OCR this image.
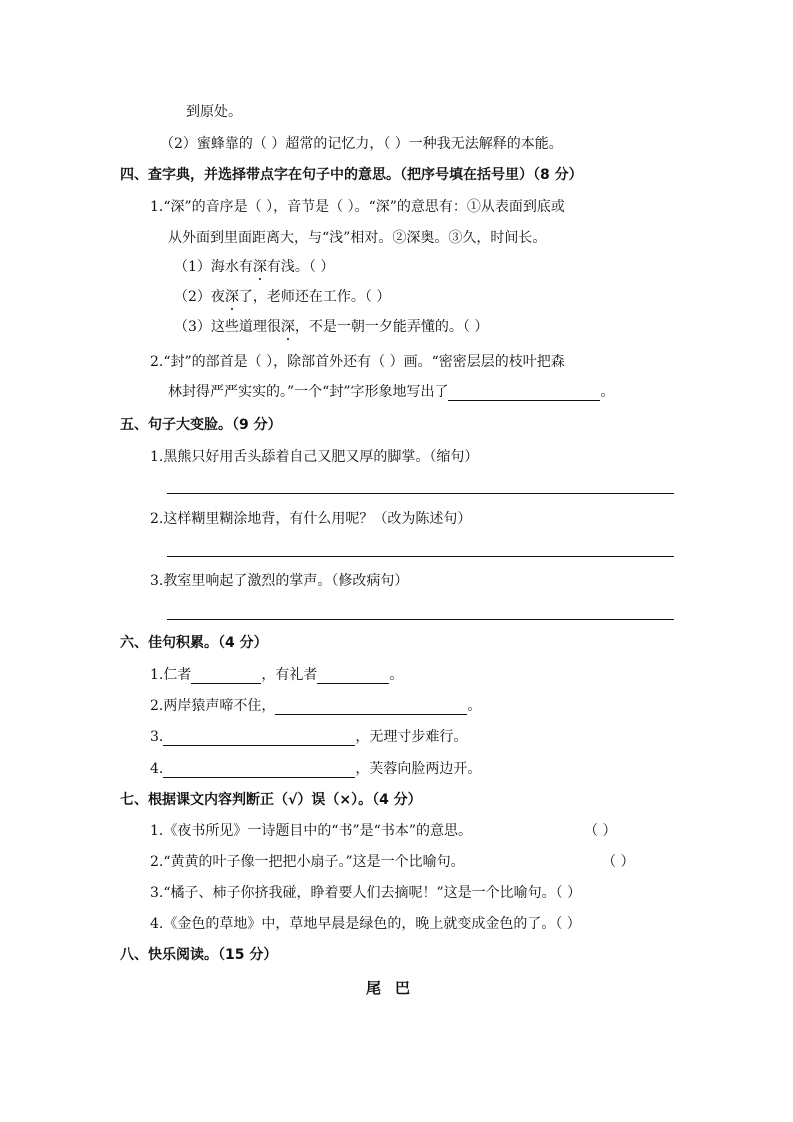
到原处。
（2）蜜蜂靠的（ ）超常的记忆力，（ ）一种我无法解释的本能。
四、查字典，并选择带点字在句子中的意思。（把序号填在括号里）（8 分）
1.“深”的音序是（ ），音节是（ ）。“深”的意思有：①从表面到底或
从外面到里面距离大，与“浅”相对。②深奥。③久，时间长。
（1）海水有深有浅。（ ）
（2）夜深了，老师还在工作。（ ）
（3）这些道理很深，不是一朝一夕能弄懂的。（ ）
2.“封”的部首是（ ），除部首外还有（ ）画。“密密层层的枝叶把森
林封得严严实实的。”一个“封”字形象地写出了	。
五、句子大变脸。（9 分）
1.黑熊只好用舌头舔着自己又肥又厚的脚掌。（缩句）
2.这样糊里糊涂地背，有什么用呢？（改为陈述句）
3.教室里响起了激烈的掌声。（修改病句）
六、佳句积累。（4 分）
1.仁者	，有礼者	。
2.两岸猿声啼不住，	。
3.	，无理寸步难行。
4.	，芙蓉向脸两边开。
七、根据课文内容判断正（√）误（×）。（4 分）
1.《夜书所见》一诗题目中的“书”是“书本”的意思。	（ ）
2.“黄黄的叶子像一把把小扇子。”这是一个比喻句。	（ ）
3.“橘子、柿子你挤我碰，睁着要人们去摘呢！”这是一个比喻句。（ ）
4.《金色的草地》中，草地早晨是绿色的，晚上就变成金色的了。（ ）
八、快乐阅读。（15 分）
尾巴
